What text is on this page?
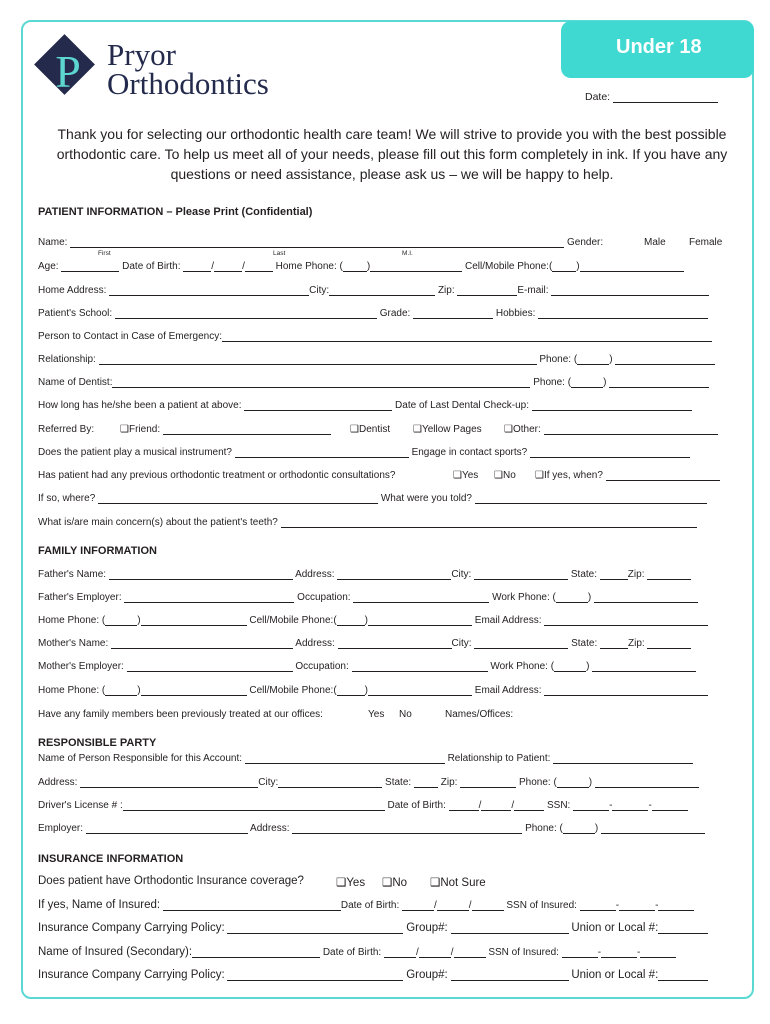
Under 18
P Pryor
Orthodontics	Date:
Thank you for selecting our orthodontic health care team! We will strive to provide you with the best possible orthodontic care. To help us meet all of your needs, please fill out this form completely in ink. If you have any questions or need assistance, please ask us – we will be happy to help.
PATIENT INFORMATION – Please Print (Confidential)
Name:	Gender:	Male Female
First	Last	M.I.
Age:	Date of Birth:	/	/	Home Phone: ( )	Cell/Mobile Phone:( )
Home Address:	City:	Zip:	E-mail:
Patient's School:	Grade:	Hobbies:
Person to Contact in Case of Emergency:
Relationship:	Phone: (	)
Name of Dentist:	Phone: (	)
How long has he/she been a patient at above:	Date of Last Dental Check-up:
Referred By:	❑Friend:	❑Dentist ❑Yellow Pages ❑Other:
Does the patient play a musical instrument?	Engage in contact sports?
Has patient had any previous orthodontic treatment or orthodontic consultations?	❑Yes ❑No ❑If yes, when?
If so, where?	What were you told?
What is/are main concern(s) about the patient's teeth?
FAMILY INFORMATION
Father's Name:	Address:	City:	State:	Zip:
Father's Employer:	Occupation:	Work Phone: (	)
Home Phone: (	)	Cell/Mobile Phone:(	)	Email Address:
Mother's Name:	Address:	City:	State:	Zip:
Mother's Employer:	Occupation:	Work Phone: (	)
Home Phone: (	)	Cell/Mobile Phone:(	)	Email Address:
Have any family members been previously treated at our offices:	Yes No	Names/Offices:
RESPONSIBLE PARTY
Name of Person Responsible for this Account:	Relationship to Patient:
Address:	City:	State:	Zip:	Phone: (	)
Driver's License # :	Date of Birth:	/	/	SSN:	-	-
Employer:	Address:	Phone: (	)
INSURANCE INFORMATION
Does patient have Orthodontic Insurance coverage?	❑Yes ❑No ❑Not Sure
If yes, Name of Insured:	Date of Birth:	/	/	SSN of Insured:	-	-
Insurance Company Carrying Policy:	Group#:	Union or Local #:
Name of Insured (Secondary):	Date of Birth:	/	/	SSN of Insured:	-	-
Insurance Company Carrying Policy:	Group#:	Union or Local #:
